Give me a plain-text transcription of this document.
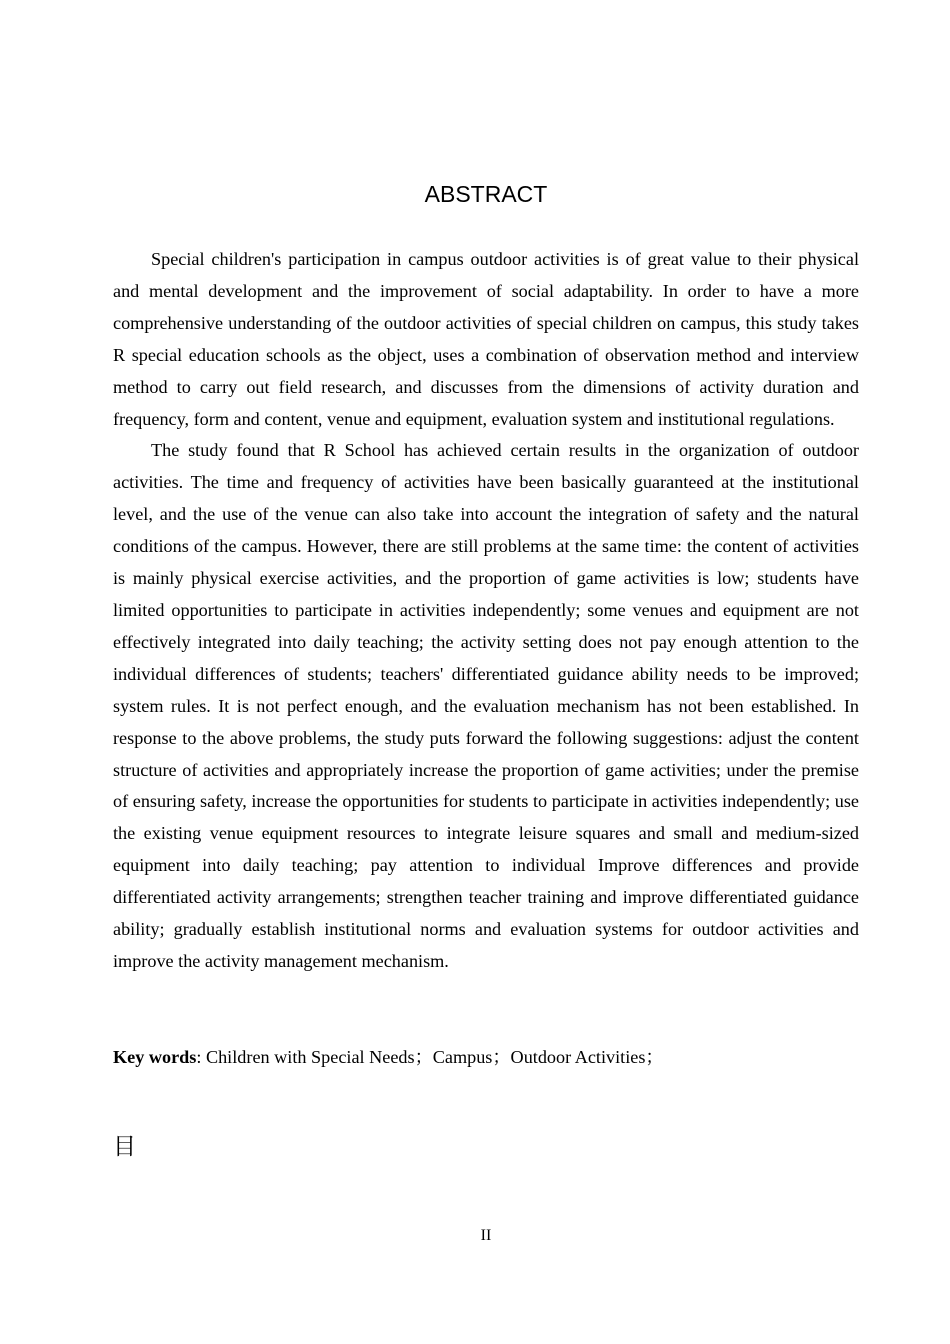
ABSTRACT

Special children's participation in campus outdoor activities is of great value to their physical and mental development and the improvement of social adaptability. In order to have a more comprehensive understanding of the outdoor activities of special children on campus, this study takes R special education schools as the object, uses a combination of observation method and interview method to carry out field research, and discusses from the dimensions of activity duration and frequency, form and content, venue and equipment, evaluation system and institutional regulations.

The study found that R School has achieved certain results in the organization of outdoor activities. The time and frequency of activities have been basically guaranteed at the institutional level, and the use of the venue can also take into account the integration of safety and the natural conditions of the campus. However, there are still problems at the same time: the content of activities is mainly physical exercise activities, and the proportion of game activities is low; students have limited opportunities to participate in activities independently; some venues and equipment are not effectively integrated into daily teaching; the activity setting does not pay enough attention to the individual differences of students; teachers' differentiated guidance ability needs to be improved; system rules. It is not perfect enough, and the evaluation mechanism has not been established. In response to the above problems, the study puts forward the following suggestions: adjust the content structure of activities and appropriately increase the proportion of game activities; under the premise of ensuring safety, increase the opportunities for students to participate in activities independently; use the existing venue equipment resources to integrate leisure squares and small and medium-sized equipment into daily teaching; pay attention to individual Improve differences and provide differentiated activity arrangements; strengthen teacher training and improve differentiated guidance ability; gradually establish institutional norms and evaluation systems for outdoor activities and improve the activity management mechanism.

Key words: Children with Special Needs；Campus；Outdoor Activities；

目
II
